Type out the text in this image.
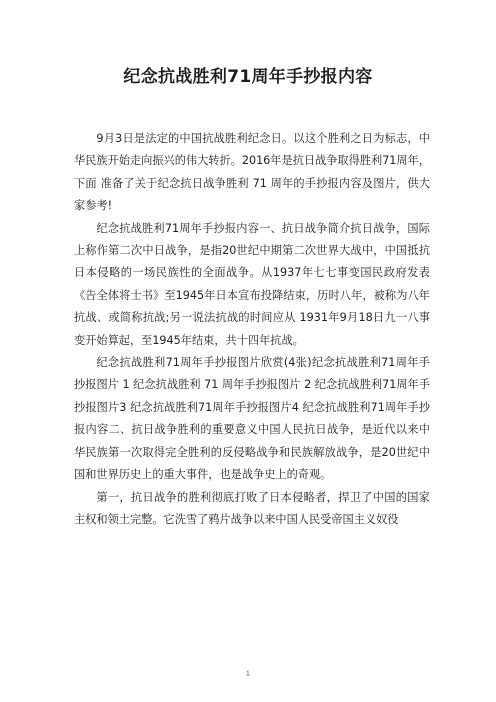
纪念抗战胜利71周年手抄报内容

9月3日是法定的中国抗战胜利纪念日。以这个胜利之日为标志，中华民族开始走向振兴的伟大转折。2016年是抗日战争取得胜利71周年，下面 准备了关于纪念抗日战争胜利 71 周年的手抄报内容及图片，供大家参考!

纪念抗战胜利71周年手抄报内容一、抗日战争简介抗日战争，国际上称作第二次中日战争，是指20世纪中期第二次世界大战中，中国抵抗日本侵略的一场民族性的全面战争。从1937年七七事变国民政府发表《告全体将士书》至1945年日本宣布投降结束，历时八年，被称为八年抗战、或简称抗战;另一说法抗战的时间应从 1931年9月18日九一八事变开始算起，至1945年结束，共十四年抗战。

纪念抗战胜利71周年手抄报图片欣赏(4张)纪念抗战胜利71周年手抄报图片 1 纪念抗战胜利 71 周年手抄报图片 2 纪念抗战胜利71周年手抄报图片3 纪念抗战胜利71周年手抄报图片4 纪念抗战胜利71周年手抄报内容二、抗日战争胜利的重要意义中国人民抗日战争，是近代以来中华民族第一次取得完全胜利的反侵略战争和民族解放战争，是20世纪中国和世界历史上的重大事件，也是战争史上的奇观。

第一，抗日战争的胜利彻底打败了日本侵略者，捍卫了中国的国家主权和领土完整。它洗雪了鸦片战争以来中国人民受帝国主义奴役

1
